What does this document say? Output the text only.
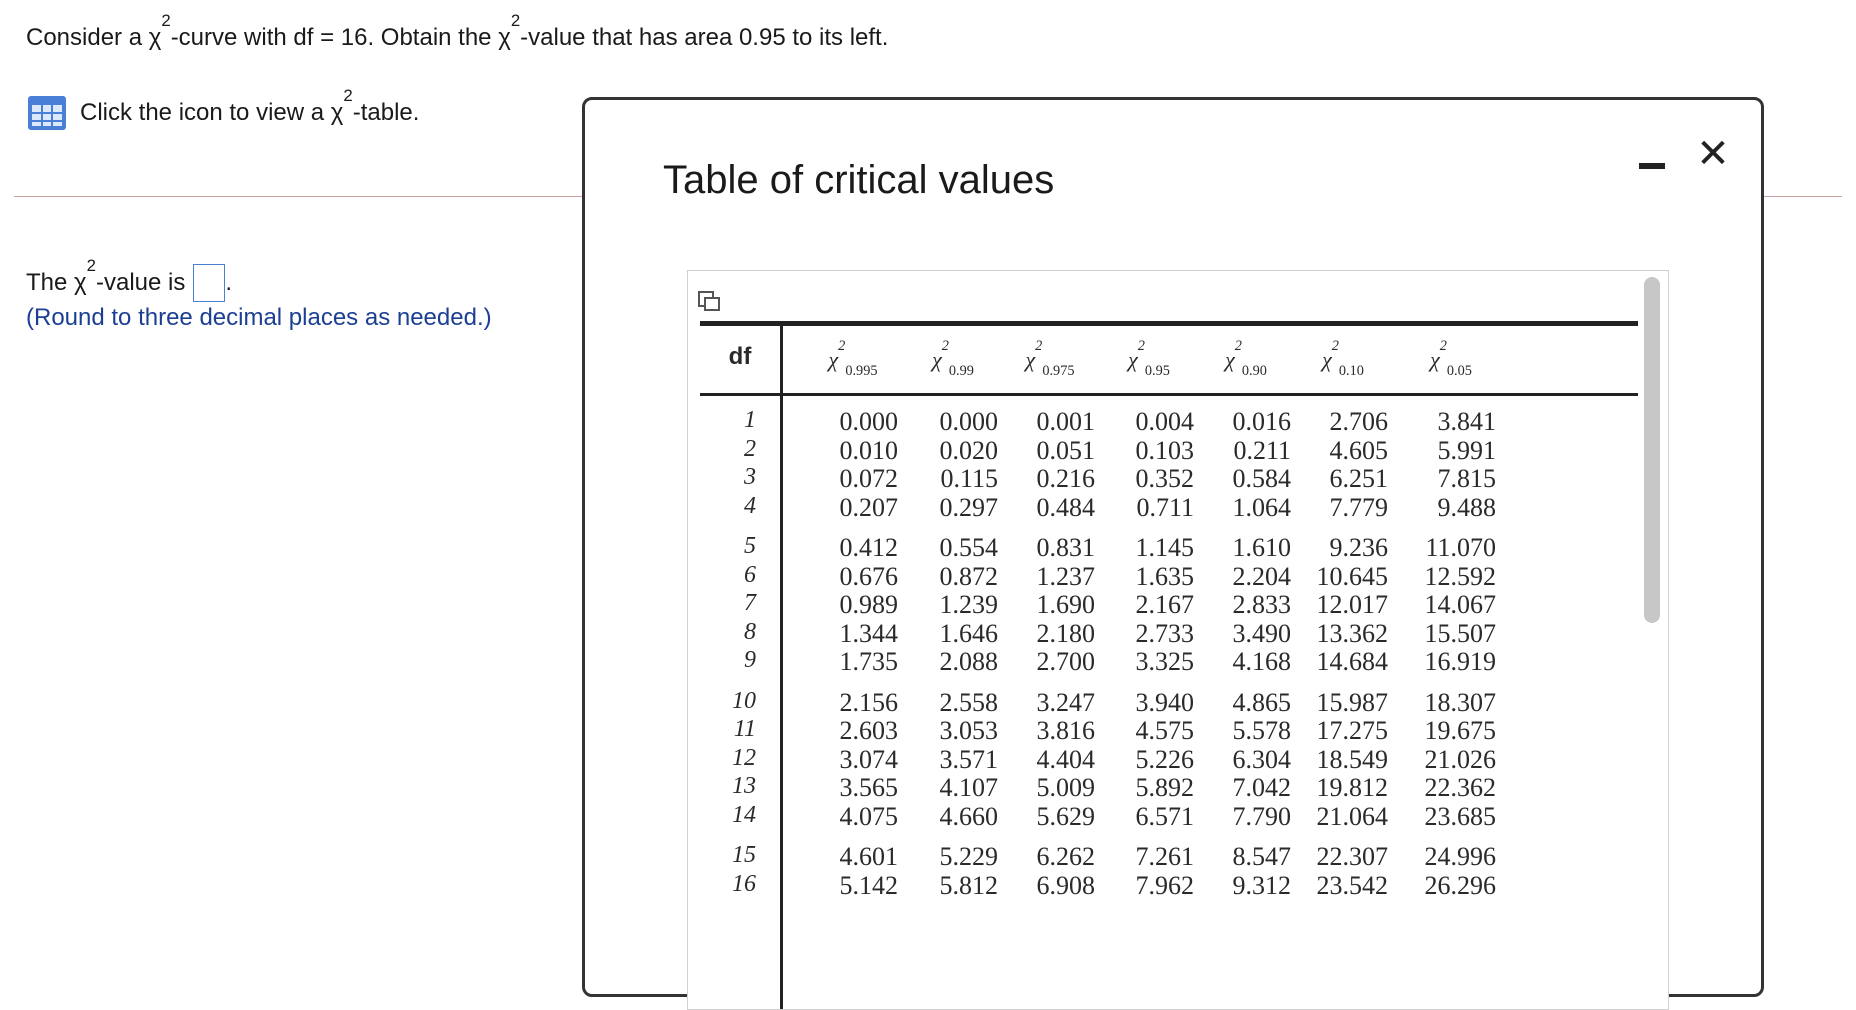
Consider a $\chi^2$-curve with df = 16. Obtain the $\chi^2$-value that has area 0.95 to its left.
Click the icon to view a $\chi^2$-table.
The $\chi^2$-value is .
(Round to three decimal places as needed.)
Table of critical values
✕
df	$\chi^2_{0.995}$	$\chi^2_{0.99}$	$\chi^2_{0.975}$	$\chi^2_{0.95}$	$\chi^2_{0.90}$	$\chi^2_{0.10}$	$\chi^2_{0.05}$
1	0.000	0.000	0.001	0.004	0.016	2.706	3.841
2	0.010	0.020	0.051	0.103	0.211	4.605	5.991
3	0.072	0.115	0.216	0.352	0.584	6.251	7.815
4	0.207	0.297	0.484	0.711	1.064	7.779	9.488
5	0.412	0.554	0.831	1.145	1.610	9.236	11.070
6	0.676	0.872	1.237	1.635	2.204 10.645	12.592
7	0.989	1.239	1.690	2.167	2.833 12.017	14.067
8	1.344	1.646	2.180	2.733	3.490 13.362	15.507
9	1.735	2.088	2.700	3.325	4.168 14.684	16.919
10	2.156	2.558	3.247	3.940	4.865 15.987	18.307
11	2.603	3.053	3.816	4.575	5.578 17.275	19.675
12	3.074	3.571	4.404	5.226	6.304 18.549	21.026
13	3.565	4.107	5.009	5.892	7.042 19.812	22.362
14	4.075	4.660	5.629	6.571	7.790 21.064	23.685
15	4.601	5.229	6.262	7.261	8.547 22.307	24.996
16	5.142	5.812	6.908	7.962	9.312 23.542	26.296
